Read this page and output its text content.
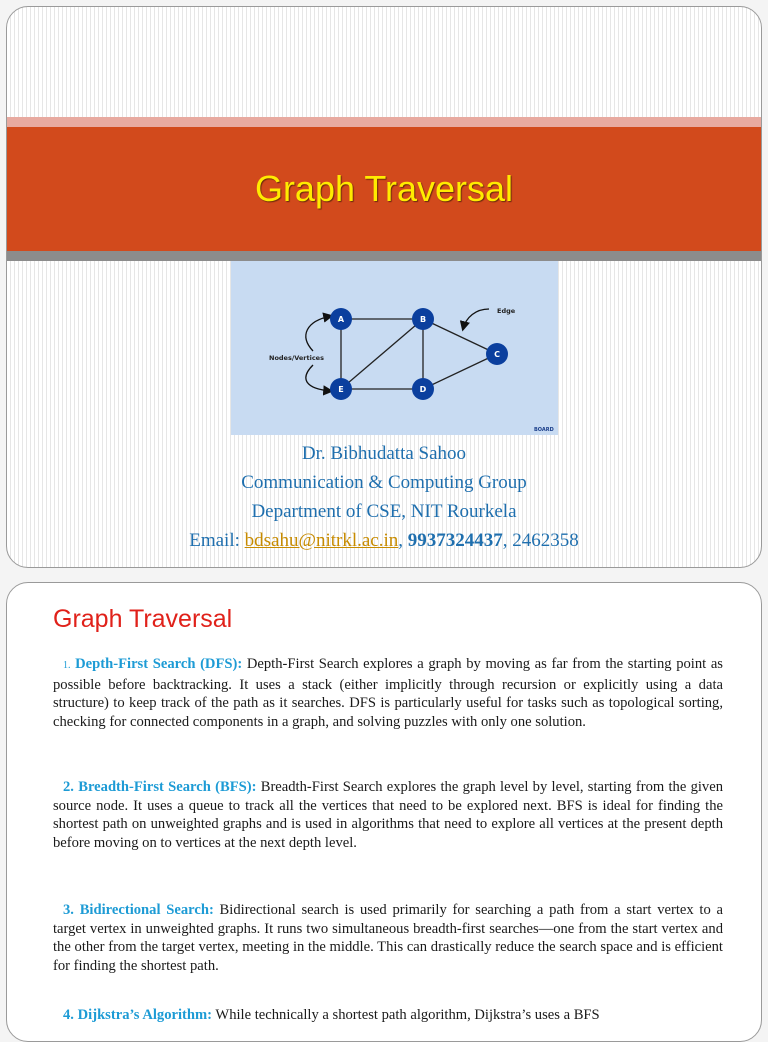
Graph Traversal
A	B
C
D
E
Nodes/Vertices
Edge
BOARD
Dr. Bibhudatta Sahoo
Communication & Computing Group
Department of CSE, NIT Rourkela
Email: bdsahu@nitrkl.ac.in, 9937324437, 2462358
Graph Traversal
1. Depth-First Search (DFS): Depth-First Search explores a graph by moving as far from the starting point as possible before backtracking. It uses a stack (either implicitly through recursion or explicitly using a data structure) to keep track of the path as it searches. DFS is particularly useful for tasks such as topological sorting, checking for connected components in a graph, and solving puzzles with only one solution.
2. Breadth-First Search (BFS): Breadth-First Search explores the graph level by level, starting from the given source node. It uses a queue to track all the vertices that need to be explored next. BFS is ideal for finding the shortest path on unweighted graphs and is used in algorithms that need to explore all vertices at the present depth before moving on to vertices at the next depth level.
3. Bidirectional Search: Bidirectional search is used primarily for searching a path from a start vertex to a target vertex in unweighted graphs. It runs two simultaneous breadth-first searches—one from the start vertex and the other from the target vertex, meeting in the middle. This can drastically reduce the search space and is efficient for finding the shortest path.
4. Dijkstra’s Algorithm: While technically a shortest path algorithm, Dijkstra’s uses a BFS
